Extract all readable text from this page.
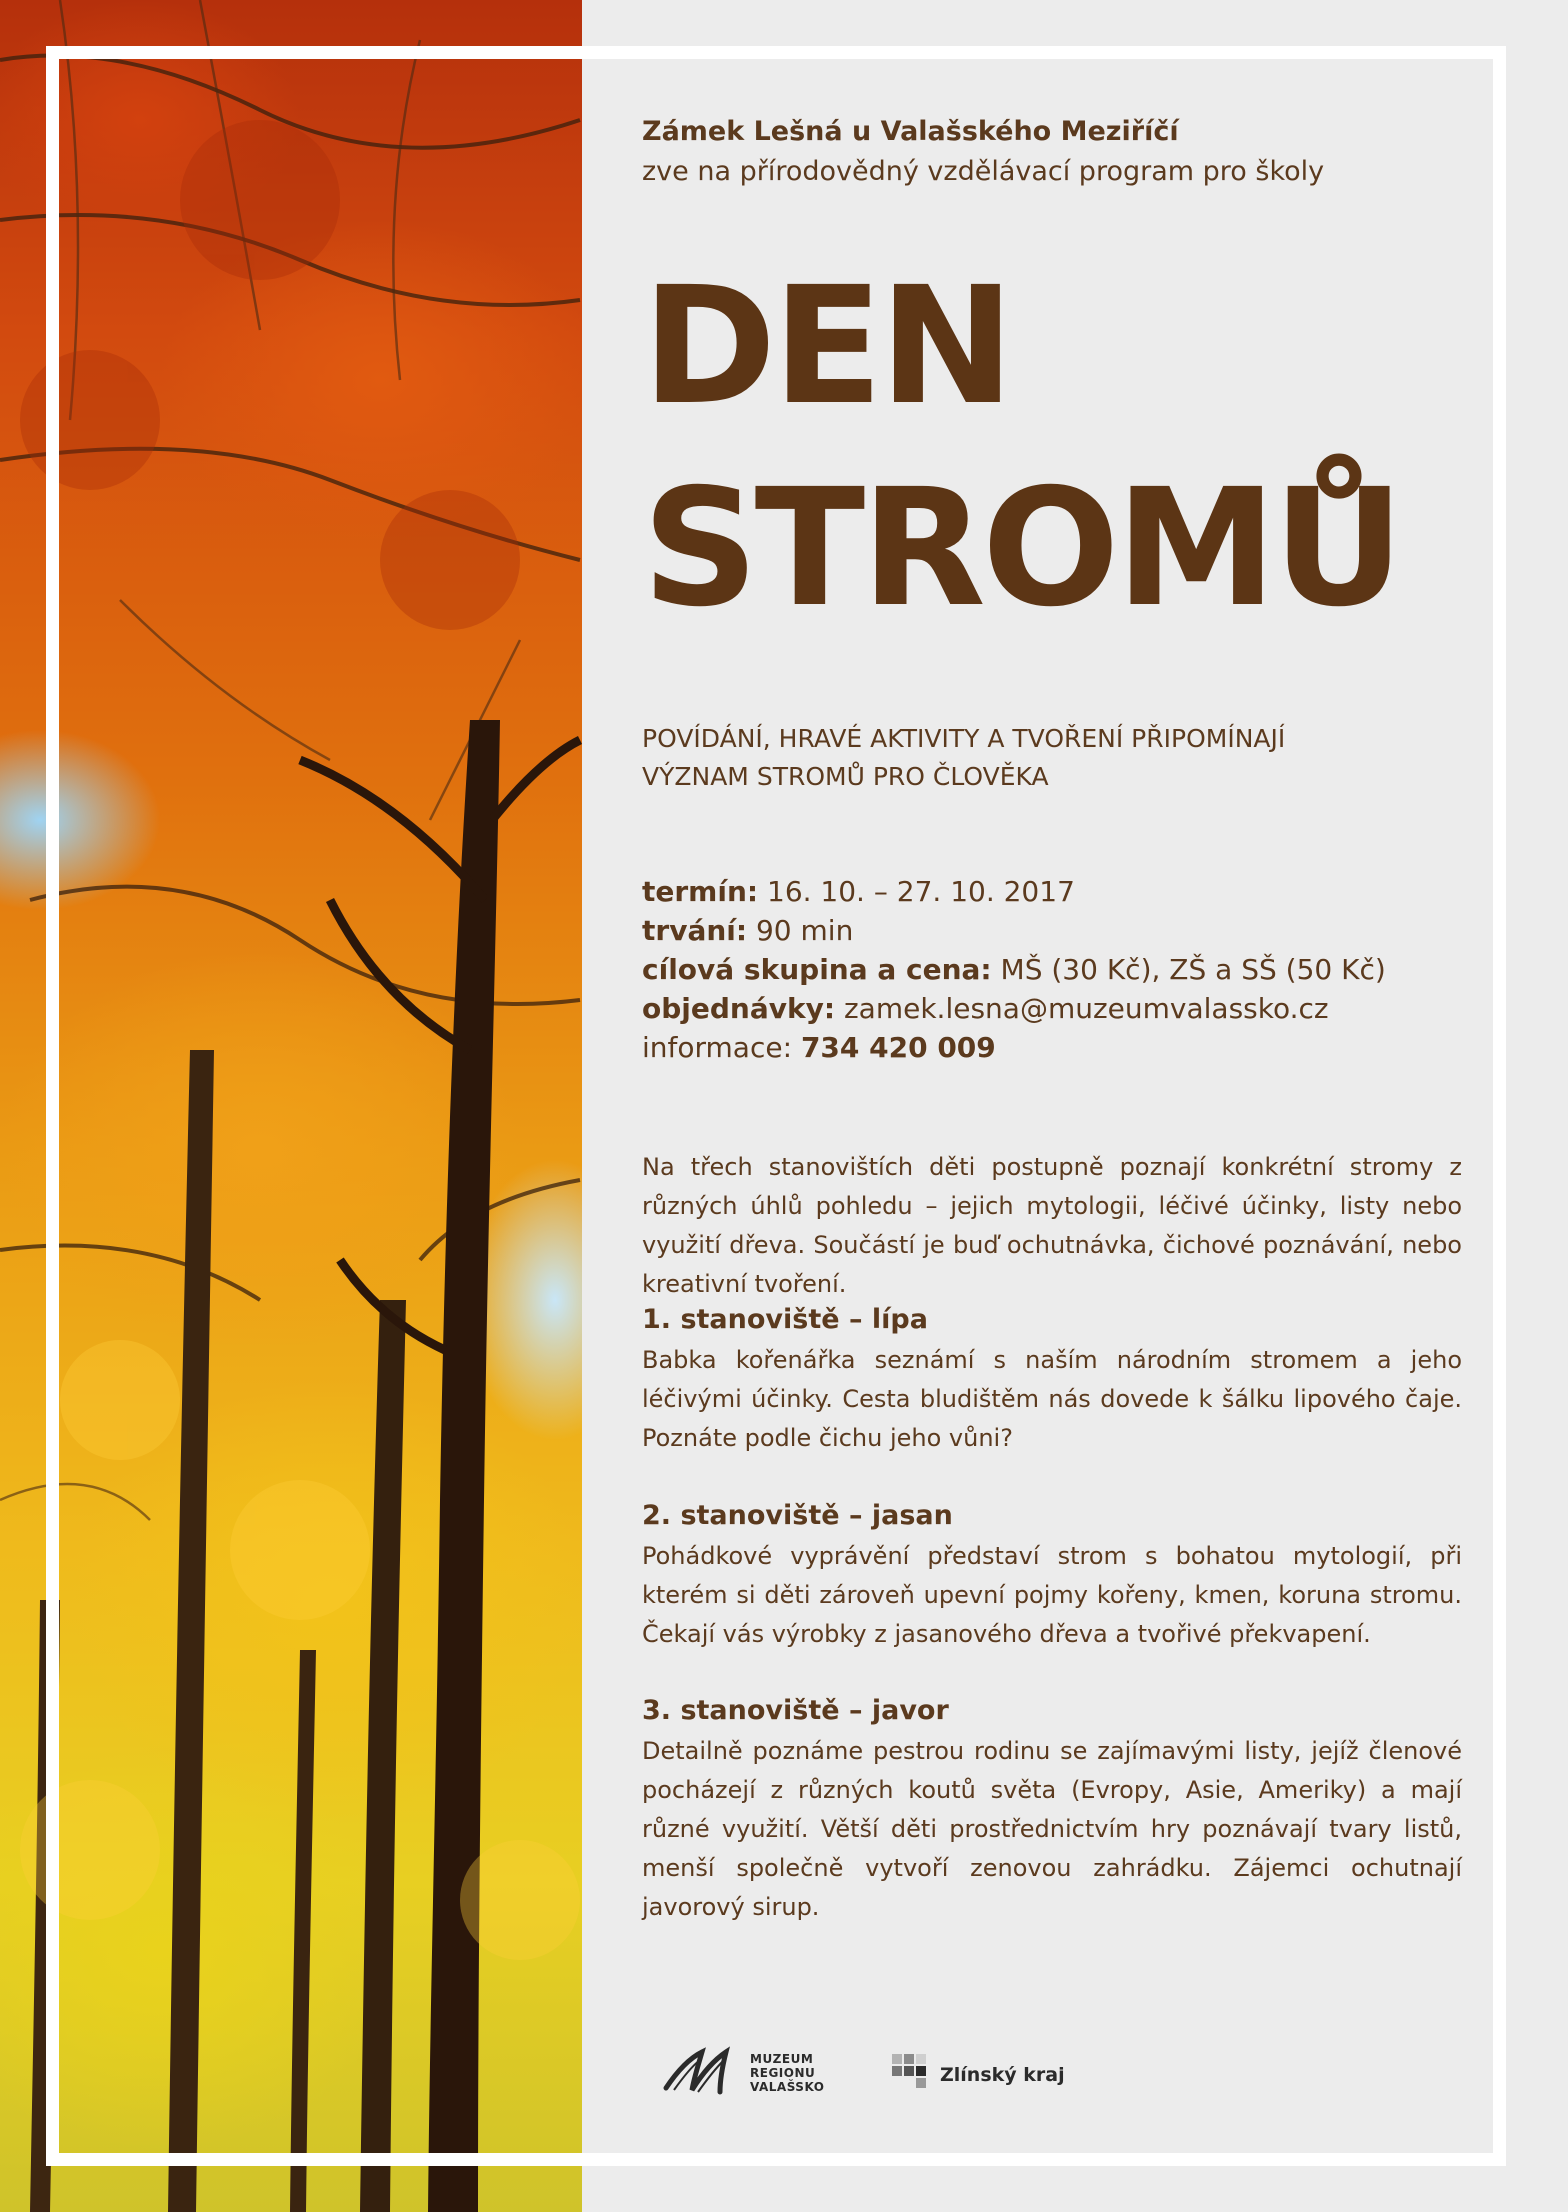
Zámek Lešná u Valašského Meziříčí
zve na přírodovědný vzdělávací program pro školy
DEN
STROMŮ
POVÍDÁNÍ, HRAVÉ AKTIVITY A TVOŘENÍ PŘIPOMÍNAJÍ
VÝZNAM STROMŮ PRO ČLOVĚKA
termín: 16. 10. – 27. 10. 2017
trvání: 90 min
cílová skupina a cena: MŠ (30 Kč), ZŠ a SŠ (50 Kč)
objednávky: zamek.lesna@muzeumvalassko.cz
informace: 734 420 009
Na třech stanovištích děti postupně poznají konkrétní stromy z různých úhlů pohledu – jejich mytologii, léčivé účinky, listy nebo využití dřeva. Součástí je buď ochutnávka, čichové poznávání, nebo kreativní tvoření.
1. stanoviště – lípa
Babka kořenářka seznámí s naším národním stromem a jeho léčivými účinky. Cesta bludištěm nás dovede k šálku lipového čaje. Poznáte podle čichu jeho vůni?
2. stanoviště – jasan
Pohádkové vyprávění představí strom s bohatou mytologií, při kterém si děti zároveň upevní pojmy kořeny, kmen, koruna stromu. Čekají vás výrobky z jasanového dřeva a tvořivé překvapení.
3. stanoviště – javor
Detailně poznáme pestrou rodinu se zajímavými listy, jejíž členové pocházejí z různých koutů světa (Evropy, Asie, Ameriky) a mají různé využití. Větší děti prostřednictvím hry poznávají tvary listů, menší společně vytvoří zenovou zahrádku. Zájemci ochutnají javorový sirup.
MUZEUM
REGIONU
VALAŠSKO
Zlínský kraj
